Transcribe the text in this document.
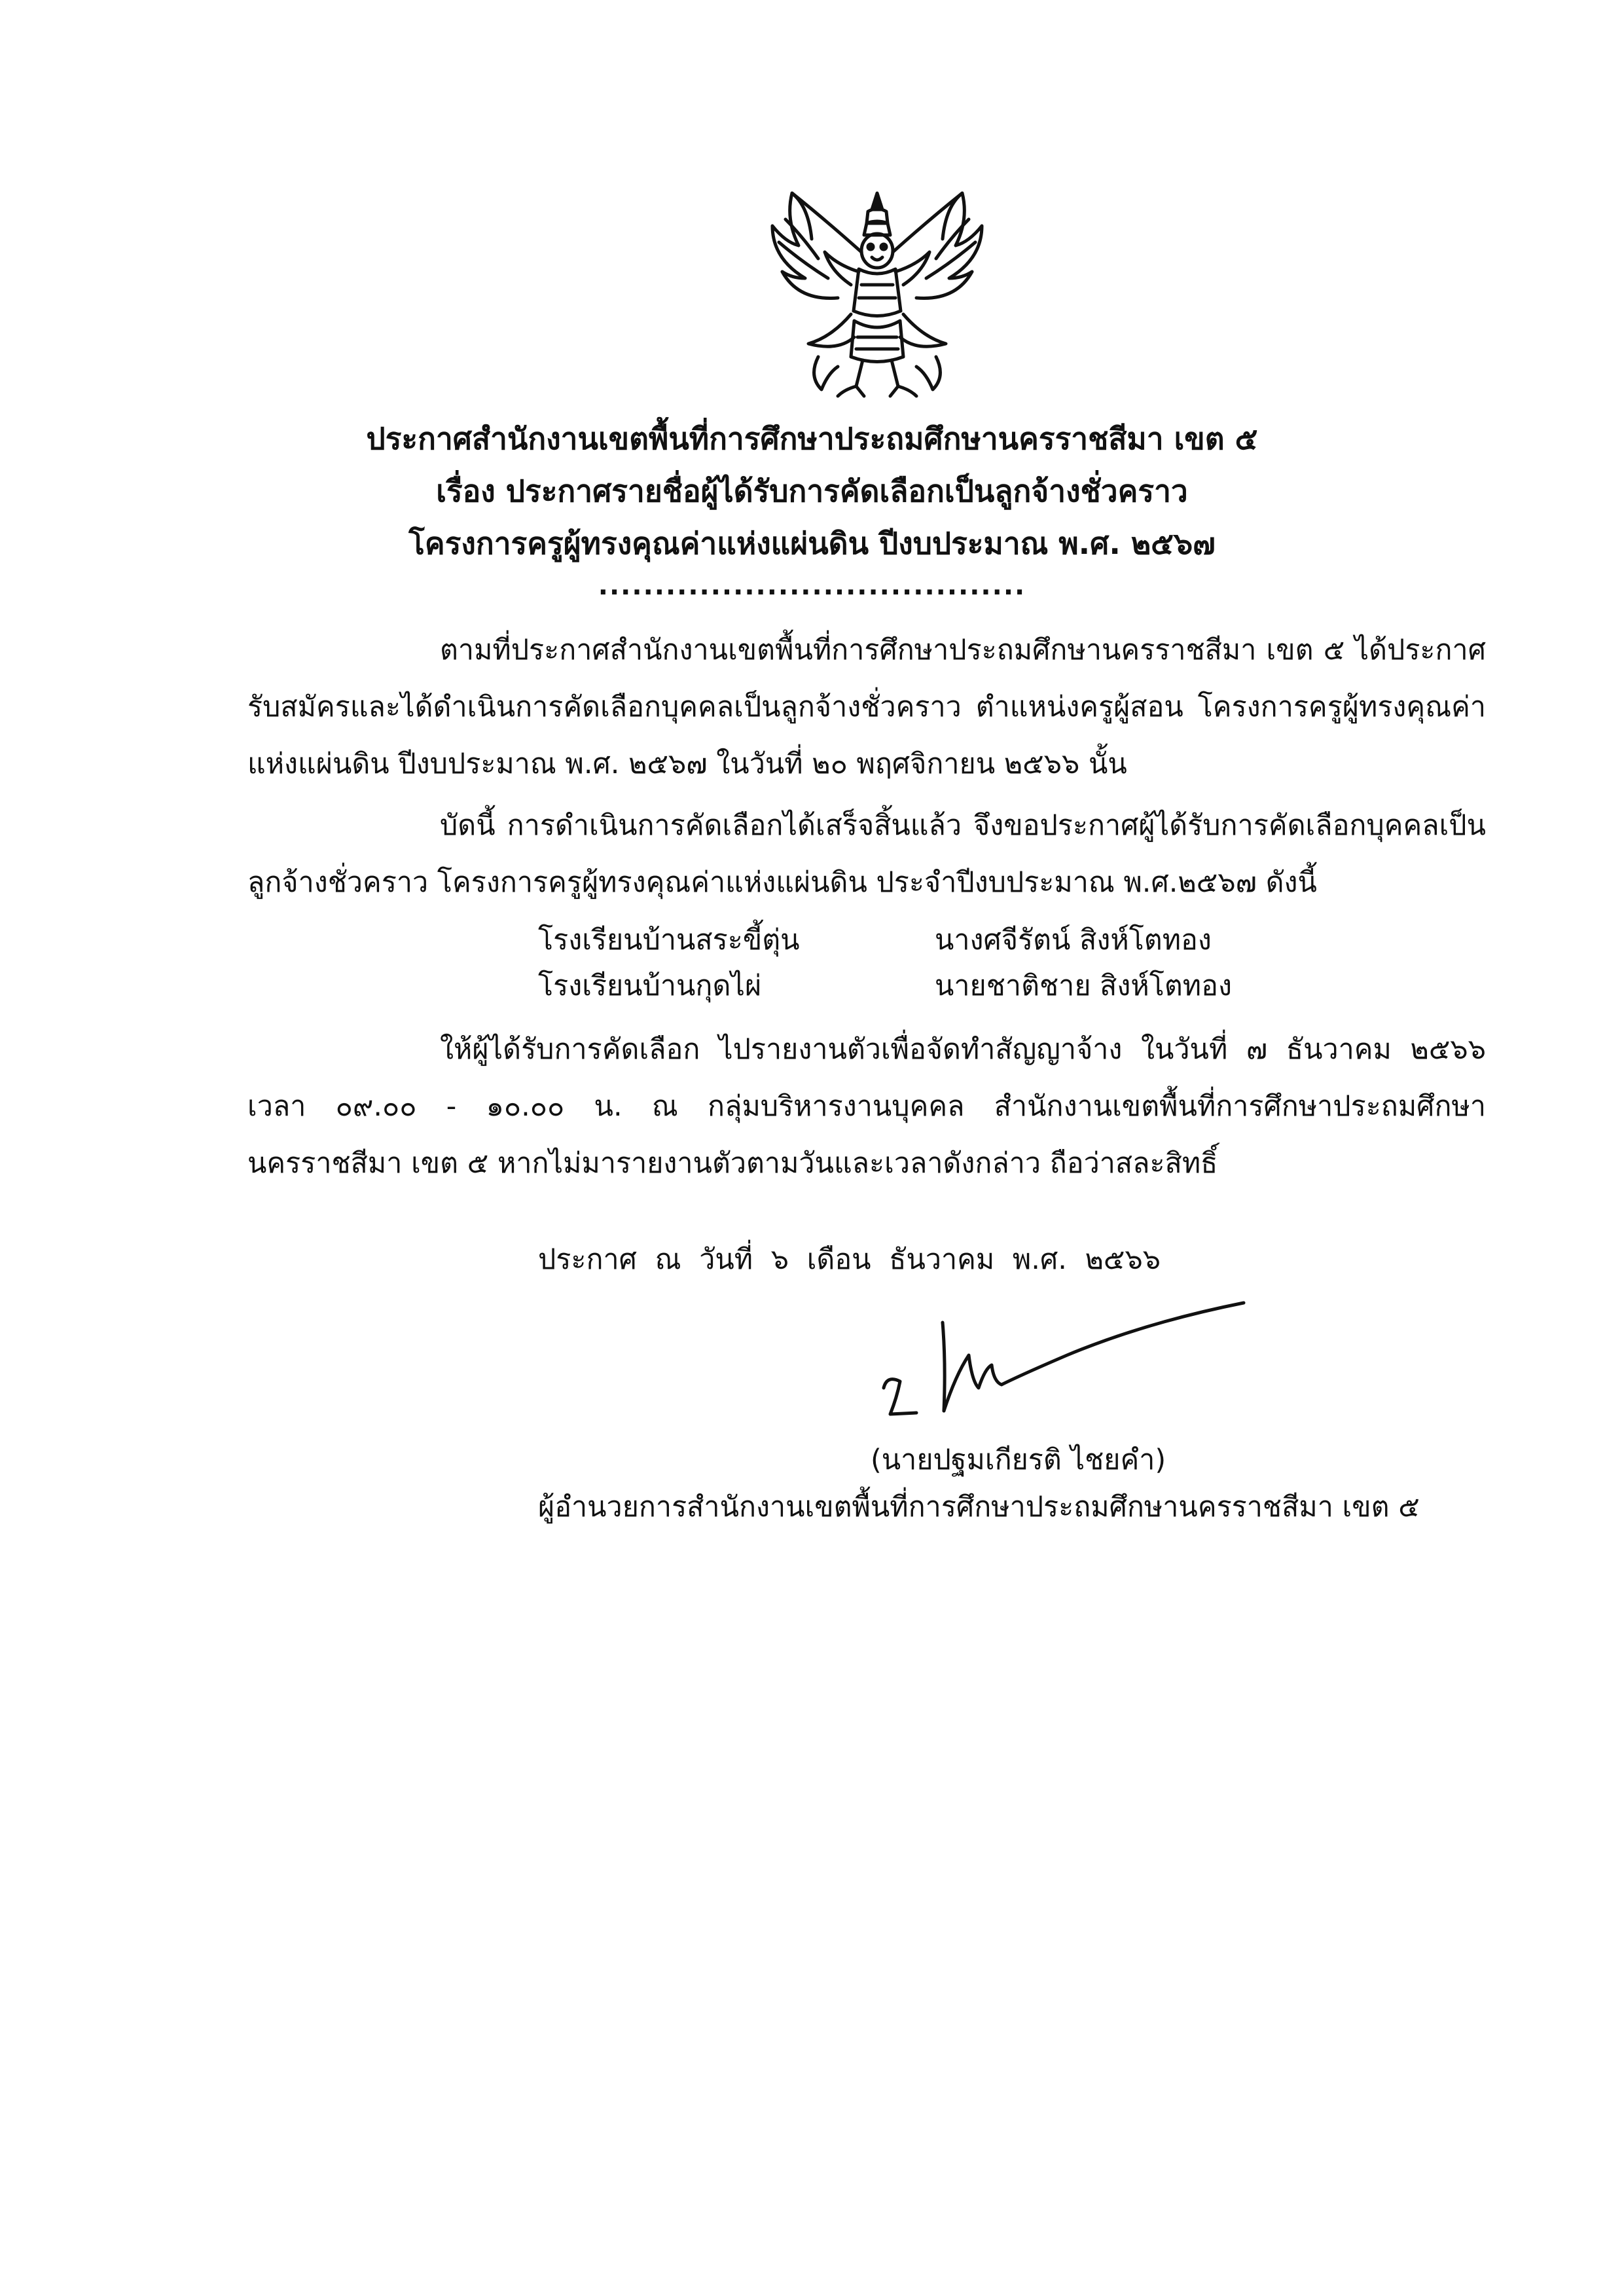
ประกาศสำนักงานเขตพื้นที่การศึกษาประถมศึกษานครราชสีมา เขต ๕
เรื่อง ประกาศรายชื่อผู้ได้รับการคัดเลือกเป็นลูกจ้างชั่วคราว
โครงการครูผู้ทรงคุณค่าแห่งแผ่นดิน ปีงบประมาณ พ.ศ. ๒๕๖๗
......................................
ตามที่ประกาศสำนักงานเขตพื้นที่การศึกษาประถมศึกษานครราชสีมา เขต ๕ ได้ประกาศรับสมัครและได้ดำเนินการคัดเลือกบุคคลเป็นลูกจ้างชั่วคราว ตำแหน่งครูผู้สอน โครงการครูผู้ทรงคุณค่าแห่งแผ่นดิน ปีงบประมาณ พ.ศ. ๒๕๖๗ ในวันที่ ๒๐ พฤศจิกายน ๒๕๖๖ นั้น
บัดนี้ การดำเนินการคัดเลือกได้เสร็จสิ้นแล้ว จึงขอประกาศผู้ได้รับการคัดเลือกบุคคลเป็นลูกจ้างชั่วคราว โครงการครูผู้ทรงคุณค่าแห่งแผ่นดิน ประจำปีงบประมาณ พ.ศ.๒๕๖๗ ดังนี้
โรงเรียนบ้านสระขี้ตุ่น	นางศจีรัตน์ สิงห์โตทอง
โรงเรียนบ้านกุดไผ่	นายชาติชาย สิงห์โตทอง
ให้ผู้ได้รับการคัดเลือก ไปรายงานตัวเพื่อจัดทำสัญญาจ้าง ในวันที่ ๗ ธันวาคม ๒๕๖๖ เวลา ๐๙.๐๐ - ๑๐.๐๐ น. ณ กลุ่มบริหารงานบุคคล สำนักงานเขตพื้นที่การศึกษาประถมศึกษานครราชสีมา เขต ๕ หากไม่มารายงานตัวตามวันและเวลาดังกล่าว ถือว่าสละสิทธิ์
ประกาศ ณ วันที่ ๖ เดือน ธันวาคม พ.ศ. ๒๕๖๖
(นายปฐมเกียรติ ไชยคำ)
ผู้อำนวยการสำนักงานเขตพื้นที่การศึกษาประถมศึกษานครราชสีมา เขต ๕
